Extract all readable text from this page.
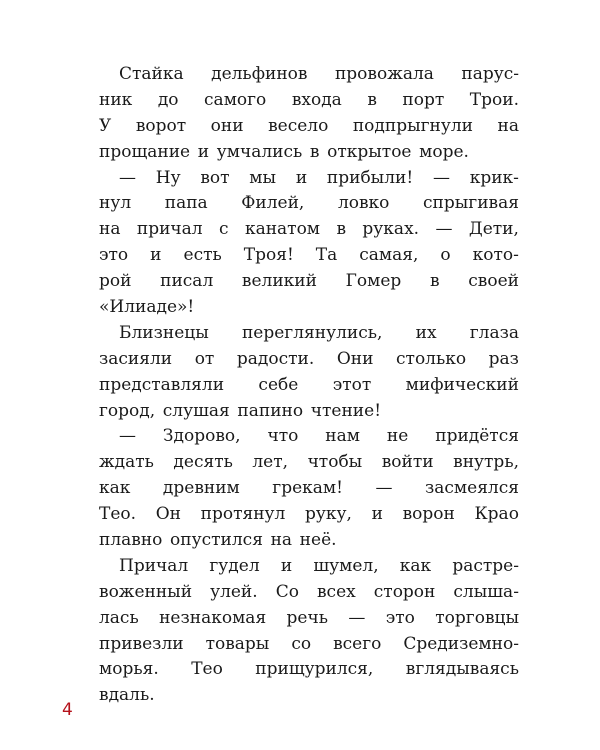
Стайка дельфинов провожала парус-
ник до самого входа в порт Трои.
У ворот они весело подпрыгнули на
прощание и умчались в открытое море.
— Ну вот мы и прибыли! — крик-
нул папа Филей, ловко спрыгивая
на причал с канатом в руках. — Дети,
это и есть Троя! Та самая, о кото-
рой писал великий Гомер в своей
«Илиаде»!
Близнецы переглянулись, их глаза
засияли от радости. Они столько раз
представляли себе этот мифический
город, слушая папино чтение!
— Здорово, что нам не придётся
ждать десять лет, чтобы войти внутрь,
как древним грекам! — засмеялся
Тео. Он протянул руку, и ворон Крао
плавно опустился на неё.
Причал гудел и шумел, как растре-
воженный улей. Со всех сторон слыша-
лась незнакомая речь — это торговцы
привезли товары со всего Средиземно-
морья. Тео прищурился, вглядываясь
вдаль.
4
